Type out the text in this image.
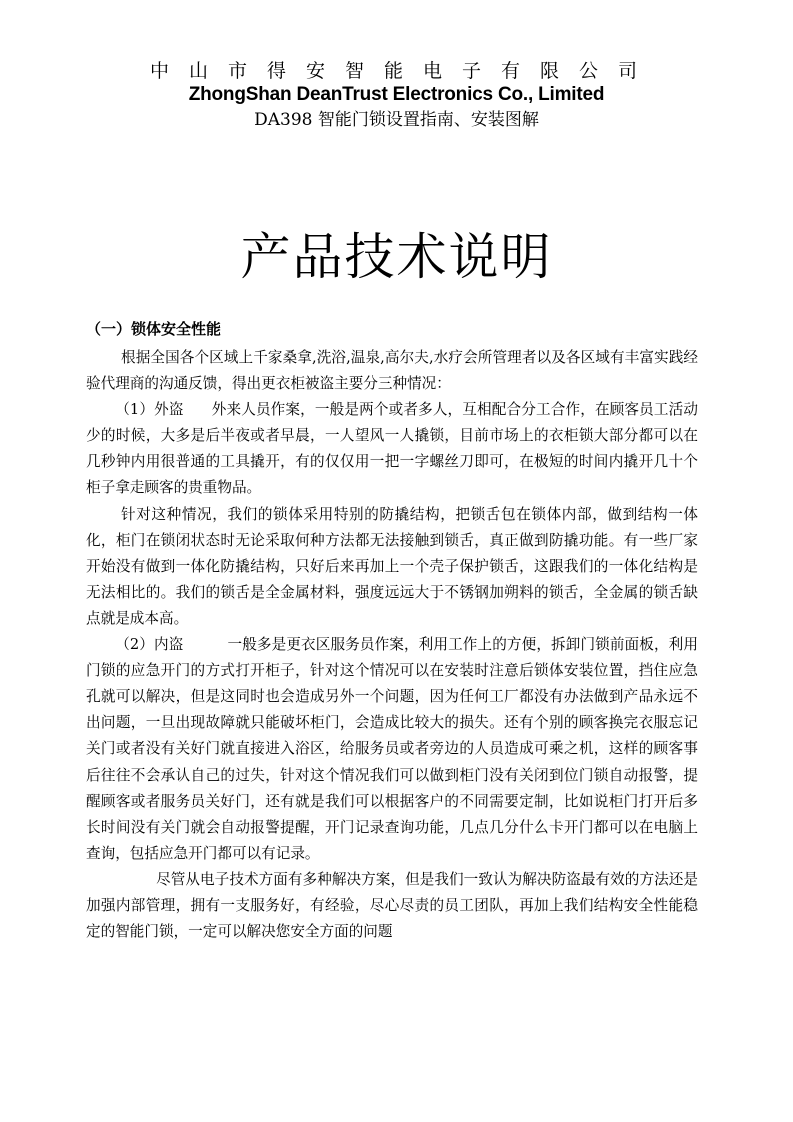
中山市得安智能电子有限公司
ZhongShan DeanTrust Electronics Co., Limited
DA398 智能门锁设置指南、安装图解
产品技术说明
（一）锁体安全性能

根据全国各个区域上千家桑拿,洗浴,温泉,高尔夫,水疗会所管理者以及各区域有丰富实践经验代理商的沟通反馈，得出更衣柜被盗主要分三种情况：

（1）外盗 外来人员作案，一般是两个或者多人，互相配合分工合作，在顾客员工活动少的时候，大多是后半夜或者早晨，一人望风一人撬锁，目前市场上的衣柜锁大部分都可以在几秒钟内用很普通的工具撬开，有的仅仅用一把一字螺丝刀即可，在极短的时间内撬开几十个柜子拿走顾客的贵重物品。

针对这种情况，我们的锁体采用特别的防撬结构，把锁舌包在锁体内部，做到结构一体化，柜门在锁闭状态时无论采取何种方法都无法接触到锁舌，真正做到防撬功能。有一些厂家开始没有做到一体化防撬结构，只好后来再加上一个壳子保护锁舌，这跟我们的一体化结构是无法相比的。我们的锁舌是全金属材料，强度远远大于不锈钢加朔料的锁舌，全金属的锁舌缺点就是成本高。

（2）内盗	一般多是更衣区服务员作案，利用工作上的方便，拆卸门锁前面板，利用门锁的应急开门的方式打开柜子，针对这个情况可以在安装时注意后锁体安装位置，挡住应急孔就可以解决，但是这同时也会造成另外一个问题，因为任何工厂都没有办法做到产品永远不出问题，一旦出现故障就只能破坏柜门，会造成比较大的损失。还有个别的顾客换完衣服忘记关门或者没有关好门就直接进入浴区，给服务员或者旁边的人员造成可乘之机，这样的顾客事后往往不会承认自己的过失，针对这个情况我们可以做到柜门没有关闭到位门锁自动报警，提醒顾客或者服务员关好门，还有就是我们可以根据客户的不同需要定制，比如说柜门打开后多长时间没有关门就会自动报警提醒，开门记录查询功能，几点几分什么卡开门都可以在电脑上查询，包括应急开门都可以有记录。

尽管从电子技术方面有多种解决方案，但是我们一致认为解决防盗最有效的方法还是加强内部管理，拥有一支服务好，有经验，尽心尽责的员工团队，再加上我们结构安全性能稳定的智能门锁，一定可以解决您安全方面的问题
